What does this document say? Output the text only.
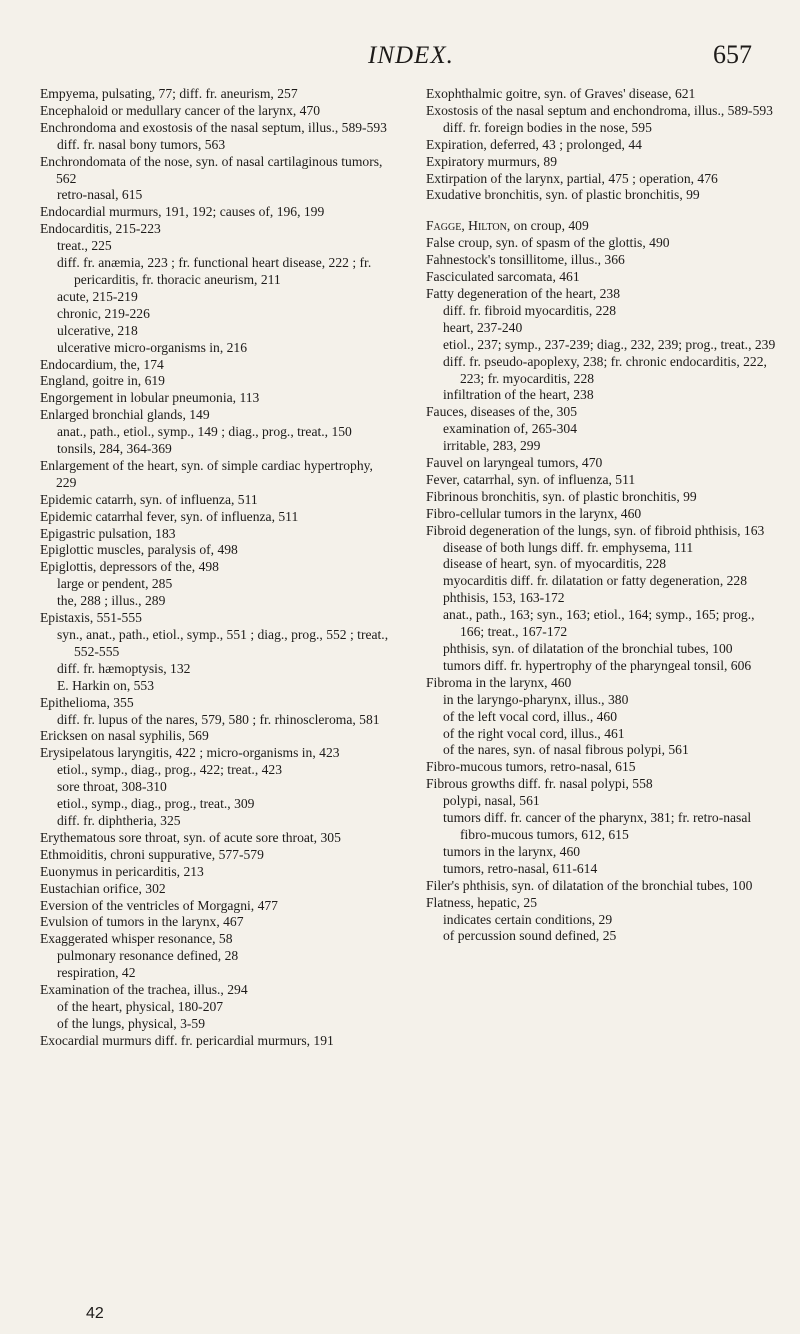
INDEX.	657
Empyema, pulsating, 77; diff. fr. aneurism, 257
Encephaloid or medullary cancer of the larynx, 470
Enchrondoma and exostosis of the nasal septum, illus., 589-593
diff. fr. nasal bony tumors, 563
Enchrondomata of the nose, syn. of nasal cartilaginous tumors, 562
retro-nasal, 615
Endocardial murmurs, 191, 192; causes of, 196, 199
Endocarditis, 215-223
treat., 225
diff. fr. anæmia, 223 ; fr. functional heart disease, 222 ; fr. pericarditis, fr. thoracic aneurism, 211
acute, 215-219
chronic, 219-226
ulcerative, 218
ulcerative micro-organisms in, 216
Endocardium, the, 174
England, goitre in, 619
Engorgement in lobular pneumonia, 113
Enlarged bronchial glands, 149
anat., path., etiol., symp., 149 ; diag., prog., treat., 150
tonsils, 284, 364-369
Enlargement of the heart, syn. of simple cardiac hypertrophy, 229
Epidemic catarrh, syn. of influenza, 511
Epidemic catarrhal fever, syn. of influenza, 511
Epigastric pulsation, 183
Epiglottic muscles, paralysis of, 498
Epiglottis, depressors of the, 498
large or pendent, 285
the, 288 ; illus., 289
Epistaxis, 551-555
syn., anat., path., etiol., symp., 551 ; diag., prog., 552 ; treat., 552-555
diff. fr. hæmoptysis, 132
E. Harkin on, 553
Epithelioma, 355
diff. fr. lupus of the nares, 579, 580 ; fr. rhinoscleroma, 581
Ericksen on nasal syphilis, 569
Erysipelatous laryngitis, 422 ; micro-organisms in, 423
etiol., symp., diag., prog., 422; treat., 423
sore throat, 308-310
etiol., symp., diag., prog., treat., 309
diff. fr. diphtheria, 325
Erythematous sore throat, syn. of acute sore throat, 305
Ethmoiditis, chroni suppurative, 577-579
Euonymus in pericarditis, 213
Eustachian orifice, 302
Eversion of the ventricles of Morgagni, 477
Evulsion of tumors in the larynx, 467
Exaggerated whisper resonance, 58
pulmonary resonance defined, 28
respiration, 42
Examination of the trachea, illus., 294
of the heart, physical, 180-207
of the lungs, physical, 3-59
Exocardial murmurs diff. fr. pericardial murmurs, 191
Exophthalmic goitre, syn. of Graves' disease, 621
Exostosis of the nasal septum and enchondroma, illus., 589-593
diff. fr. foreign bodies in the nose, 595
Expiration, deferred, 43 ; prolonged, 44
Expiratory murmurs, 89
Extirpation of the larynx, partial, 475 ; operation, 476
Exudative bronchitis, syn. of plastic bronchitis, 99
Fagge, Hilton, on croup, 409
False croup, syn. of spasm of the glottis, 490
Fahnestock's tonsillitome, illus., 366
Fasciculated sarcomata, 461
Fatty degeneration of the heart, 238
diff. fr. fibroid myocarditis, 228
heart, 237-240
etiol., 237; symp., 237-239; diag., 232, 239; prog., treat., 239
diff. fr. pseudo-apoplexy, 238; fr. chronic endocarditis, 222, 223; fr. myocarditis, 228
infiltration of the heart, 238
Fauces, diseases of the, 305
examination of, 265-304
irritable, 283, 299
Fauvel on laryngeal tumors, 470
Fever, catarrhal, syn. of influenza, 511
Fibrinous bronchitis, syn. of plastic bronchitis, 99
Fibro-cellular tumors in the larynx, 460
Fibroid degeneration of the lungs, syn. of fibroid phthisis, 163
disease of both lungs diff. fr. emphysema, 111
disease of heart, syn. of myocarditis, 228
myocarditis diff. fr. dilatation or fatty degeneration, 228
phthisis, 153, 163-172
anat., path., 163; syn., 163; etiol., 164; symp., 165; prog., 166; treat., 167-172
phthisis, syn. of dilatation of the bronchial tubes, 100
tumors diff. fr. hypertrophy of the pharyngeal tonsil, 606
Fibroma in the larynx, 460
in the laryngo-pharynx, illus., 380
of the left vocal cord, illus., 460
of the right vocal cord, illus., 461
of the nares, syn. of nasal fibrous polypi, 561
Fibro-mucous tumors, retro-nasal, 615
Fibrous growths diff. fr. nasal polypi, 558
polypi, nasal, 561
tumors diff. fr. cancer of the pharynx, 381; fr. retro-nasal fibro-mucous tumors, 612, 615
tumors in the larynx, 460
tumors, retro-nasal, 611-614
Filer's phthisis, syn. of dilatation of the bronchial tubes, 100
Flatness, hepatic, 25
indicates certain conditions, 29
of percussion sound defined, 25
42
